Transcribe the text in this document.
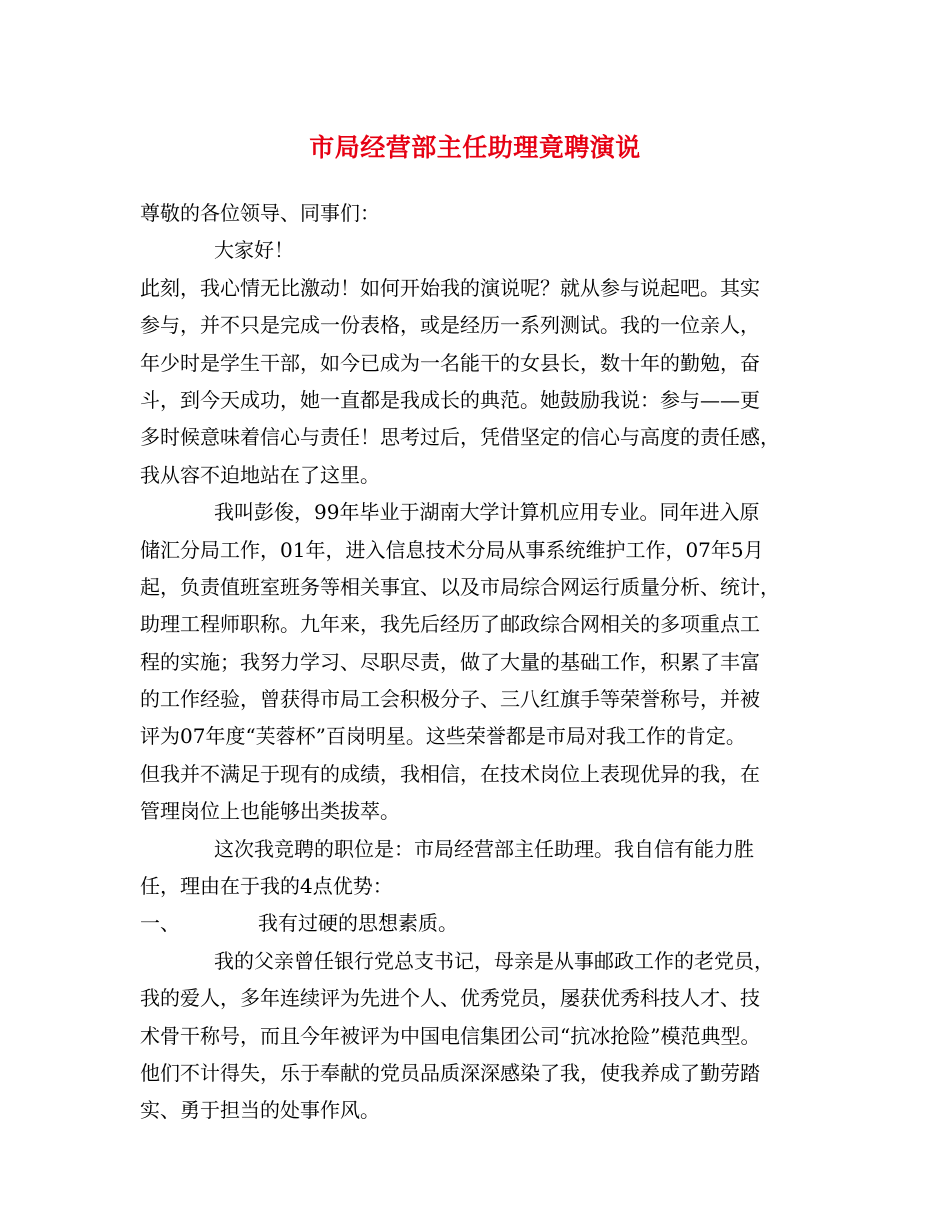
市局经营部主任助理竟聘演说
尊敬的各位领导、同事们：
大家好！
此刻，我心情无比激动！如何开始我的演说呢？就从参与说起吧。其实
参与，并不只是完成一份表格，或是经历一系列测试。我的一位亲人，
年少时是学生干部，如今已成为一名能干的女县长，数十年的勤勉，奋
斗，到今天成功，她一直都是我成长的典范。她鼓励我说：参与——更
多时候意味着信心与责任！思考过后，凭借坚定的信心与高度的责任感，
我从容不迫地站在了这里。
我叫彭俊，99年毕业于湖南大学计算机应用专业。同年进入原
储汇分局工作，01年，进入信息技术分局从事系统维护工作，07年5月
起，负责值班室班务等相关事宜、以及市局综合网运行质量分析、统计，
助理工程师职称。九年来，我先后经历了邮政综合网相关的多项重点工
程的实施；我努力学习、尽职尽责，做了大量的基础工作，积累了丰富
的工作经验，曾获得市局工会积极分子、三八红旗手等荣誉称号，并被
评为07年度“芙蓉杯”百岗明星。这些荣誉都是市局对我工作的肯定。
但我并不满足于现有的成绩，我相信，在技术岗位上表现优异的我，在
管理岗位上也能够出类拔萃。
这次我竞聘的职位是：市局经营部主任助理。我自信有能力胜
任，理由在于我的4点优势：
一、	我有过硬的思想素质。
我的父亲曾任银行党总支书记，母亲是从事邮政工作的老党员，
我的爱人，多年连续评为先进个人、优秀党员，屡获优秀科技人才、技
术骨干称号，而且今年被评为中国电信集团公司“抗冰抢险”模范典型。
他们不计得失，乐于奉献的党员品质深深感染了我，使我养成了勤劳踏
实、勇于担当的处事作风。
